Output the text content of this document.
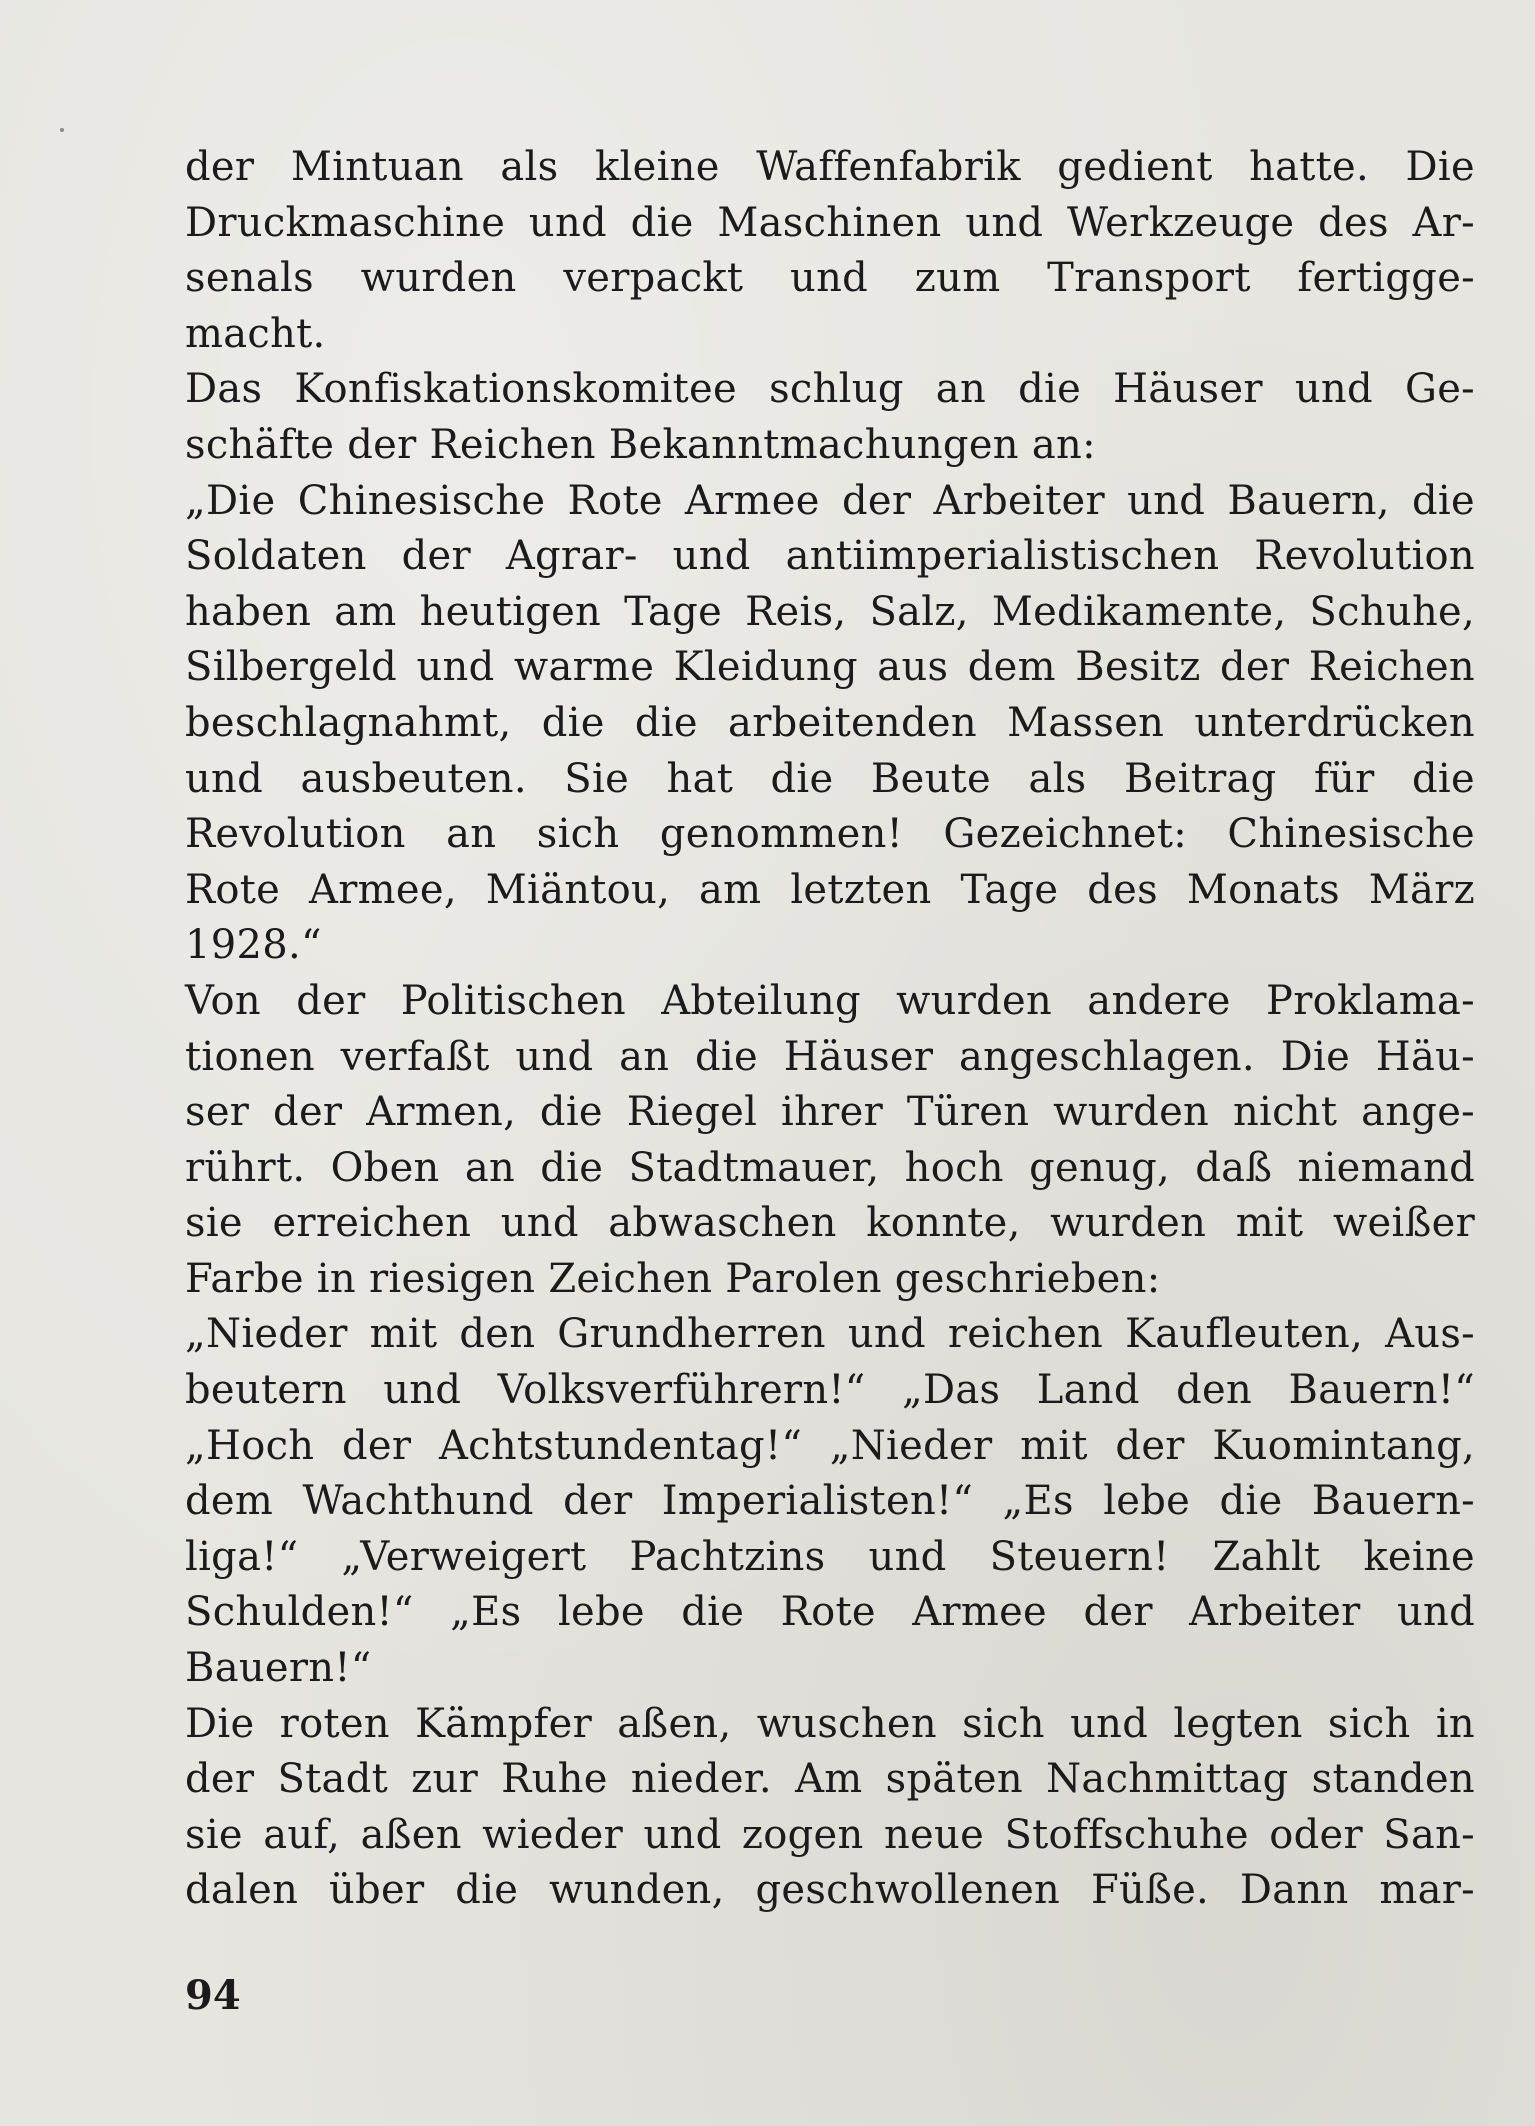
der Mintuan als kleine Waffenfabrik gedient hatte. Die
Druckmaschine und die Maschinen und Werkzeuge des Ar-
senals wurden verpackt und zum Transport fertigge-
macht.
Das Konfiskationskomitee schlug an die Häuser und Ge-
schäfte der Reichen Bekanntmachungen an:
„Die Chinesische Rote Armee der Arbeiter und Bauern, die
Soldaten der Agrar- und antiimperialistischen Revolution
haben am heutigen Tage Reis, Salz, Medikamente, Schuhe,
Silbergeld und warme Kleidung aus dem Besitz der Reichen
beschlagnahmt, die die arbeitenden Massen unterdrücken
und ausbeuten. Sie hat die Beute als Beitrag für die
Revolution an sich genommen! Gezeichnet: Chinesische
Rote Armee, Miäntou, am letzten Tage des Monats März
1928.“
Von der Politischen Abteilung wurden andere Proklama-
tionen verfaßt und an die Häuser angeschlagen. Die Häu-
ser der Armen, die Riegel ihrer Türen wurden nicht ange-
rührt. Oben an die Stadtmauer, hoch genug, daß niemand
sie erreichen und abwaschen konnte, wurden mit weißer
Farbe in riesigen Zeichen Parolen geschrieben:
„Nieder mit den Grundherren und reichen Kaufleuten, Aus-
beutern und Volksverführern!“ „Das Land den Bauern!“
„Hoch der Achtstundentag!“ „Nieder mit der Kuomintang,
dem Wachthund der Imperialisten!“ „Es lebe die Bauern-
liga!“ „Verweigert Pachtzins und Steuern! Zahlt keine
Schulden!“ „Es lebe die Rote Armee der Arbeiter und
Bauern!“
Die roten Kämpfer aßen, wuschen sich und legten sich in
der Stadt zur Ruhe nieder. Am späten Nachmittag standen
sie auf, aßen wieder und zogen neue Stoffschuhe oder San-
dalen über die wunden, geschwollenen Füße. Dann mar-
94
